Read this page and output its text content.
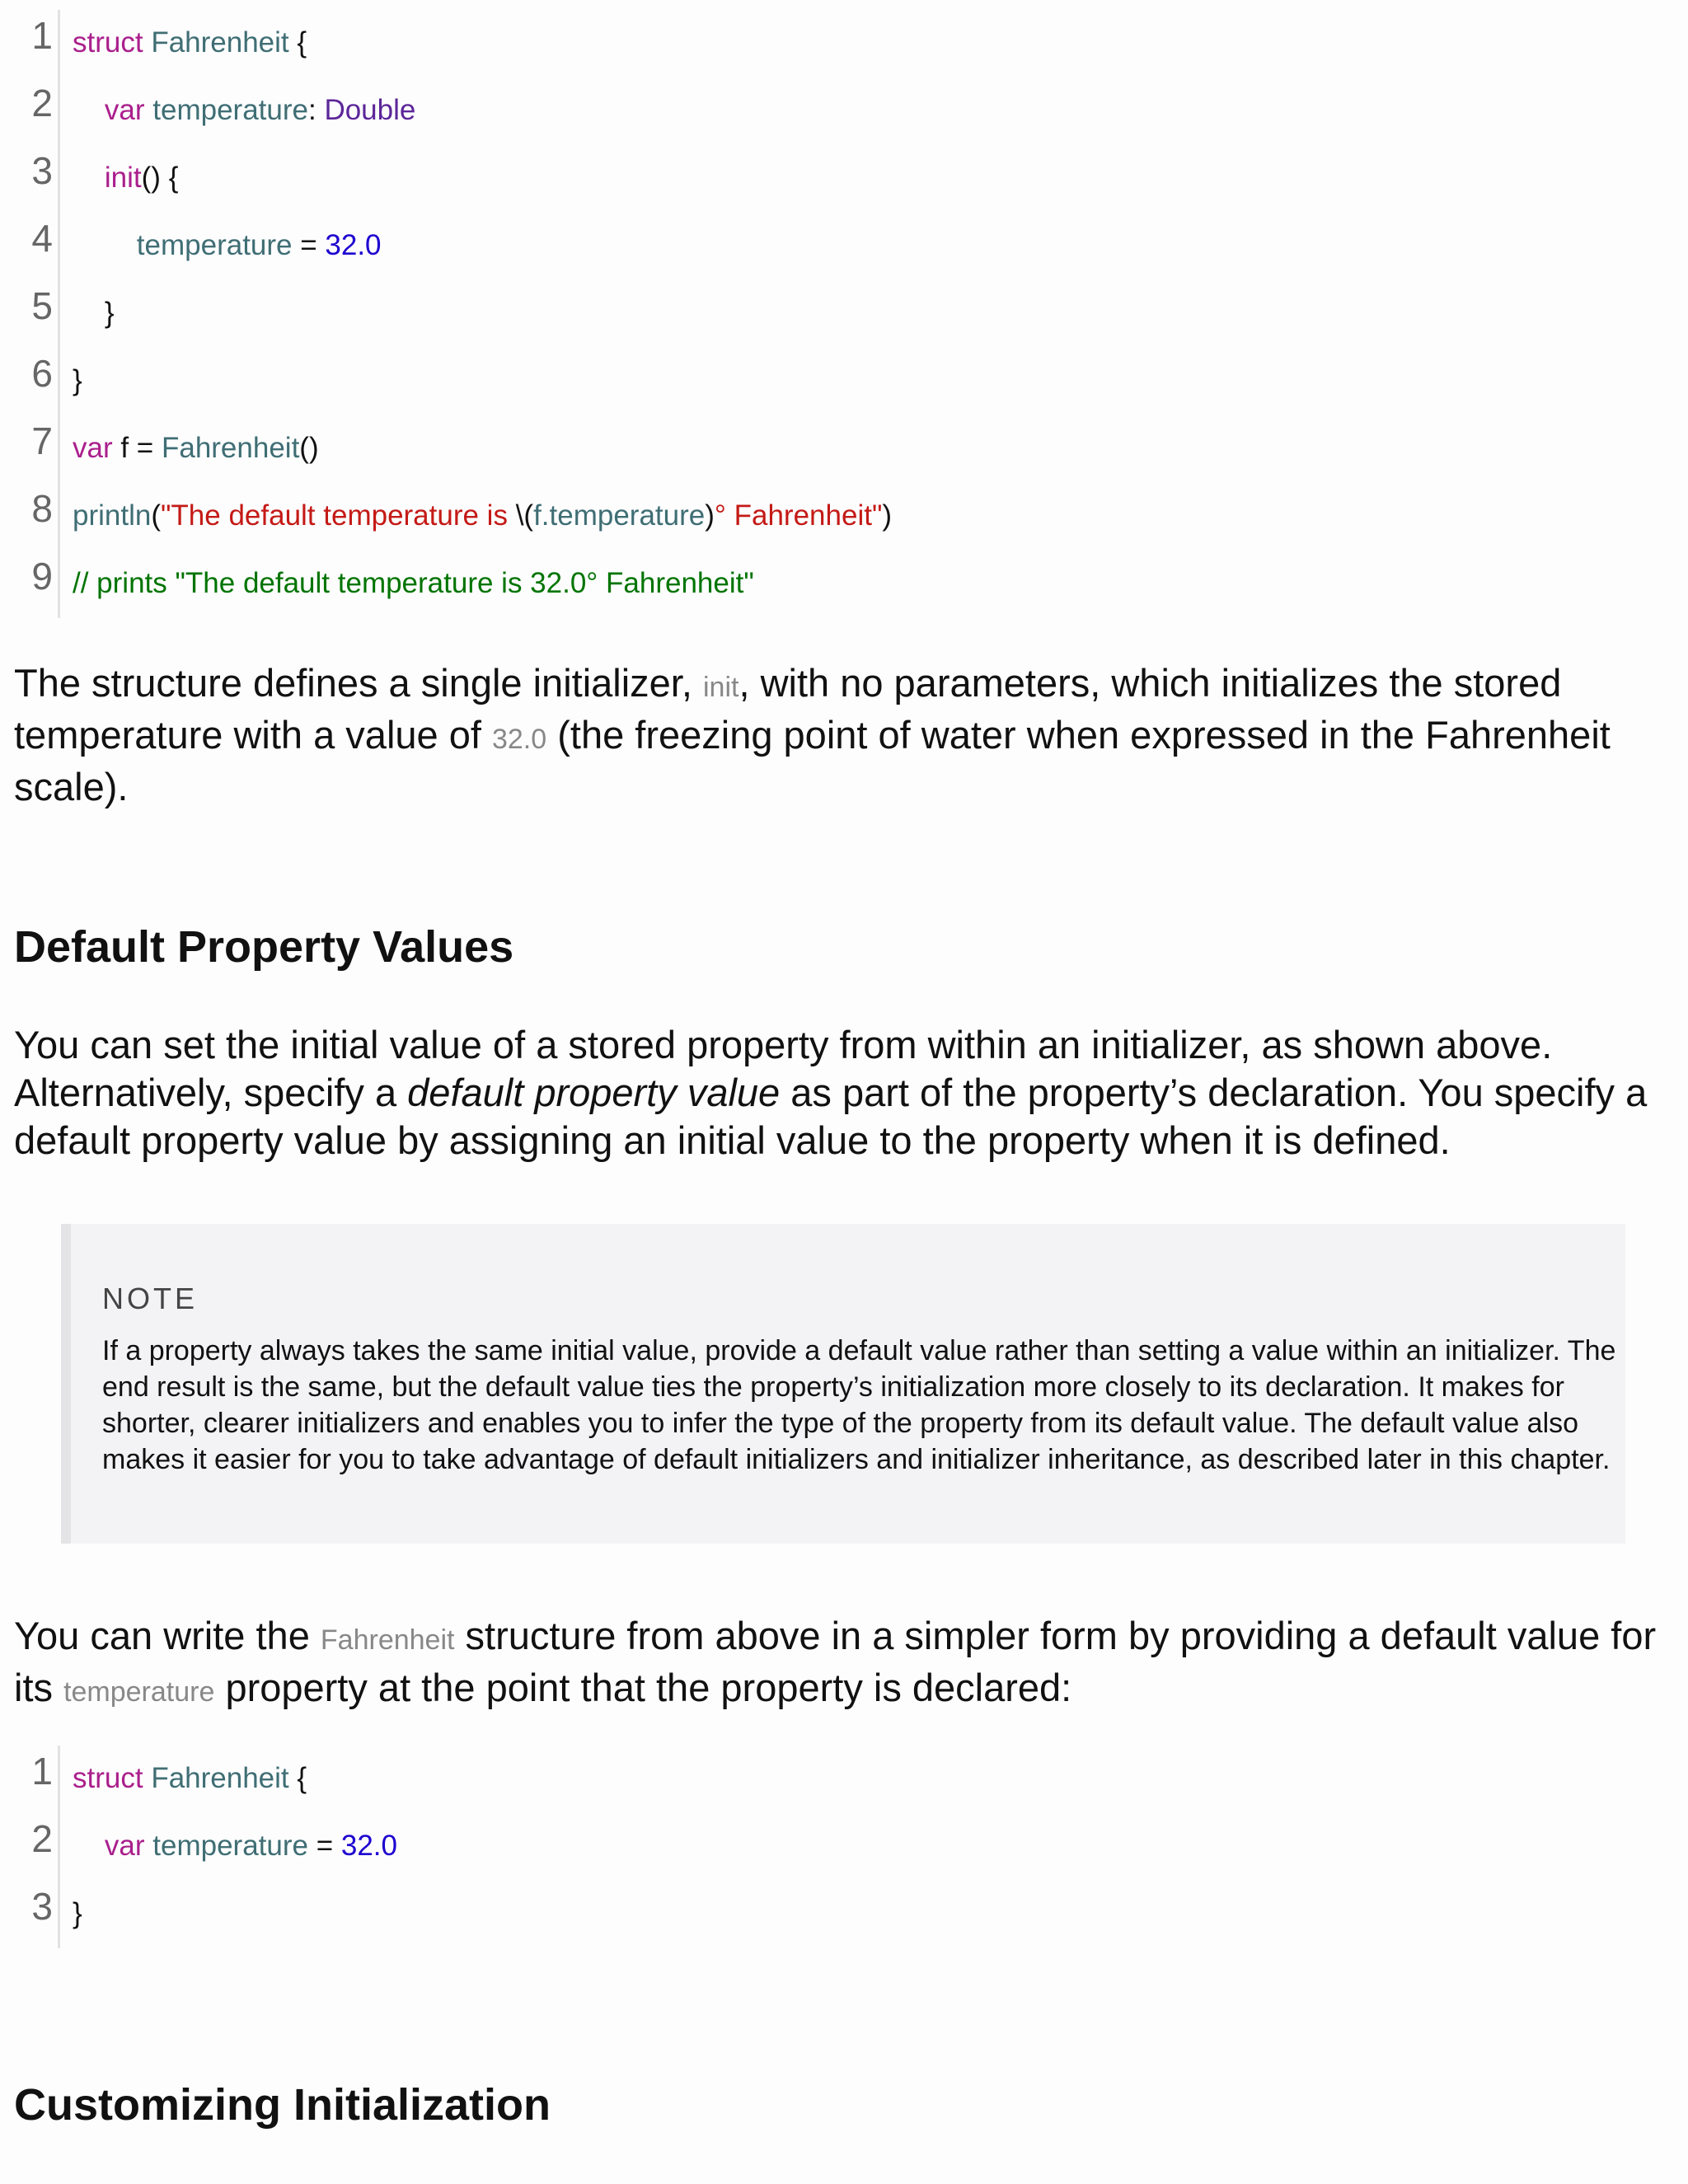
1 struct Fahrenheit {
2	var temperature: Double
3	init() {
4	temperature = 32.0
5 }
6 }
7 var f = Fahrenheit()
8 println("The default temperature is \(f.temperature)° Fahrenheit")
9 // prints "The default temperature is 32.0° Fahrenheit"

The structure defines a single initializer, init, with no parameters, which initializes the stored temperature with a value of 32.0 (the freezing point of water when expressed in the Fahrenheit scale).

Default Property Values

You can set the initial value of a stored property from within an initializer, as shown above. Alternatively, specify a default property value as part of the property’s declaration. You specify a default property value by assigning an initial value to the property when it is defined.

NOTE

If a property always takes the same initial value, provide a default value rather than setting a value within an initializer. The end result is the same, but the default value ties the property’s initialization more closely to its declaration. It makes for shorter, clearer initializers and enables you to infer the type of the property from its default value. The default value also makes it easier for you to take advantage of default initializers and initializer inheritance, as described later in this chapter.

You can write the Fahrenheit structure from above in a simpler form by providing a default value for its temperature property at the point that the property is declared:

1 struct Fahrenheit {
2	var temperature = 32.0
3 }
Customizing Initialization
